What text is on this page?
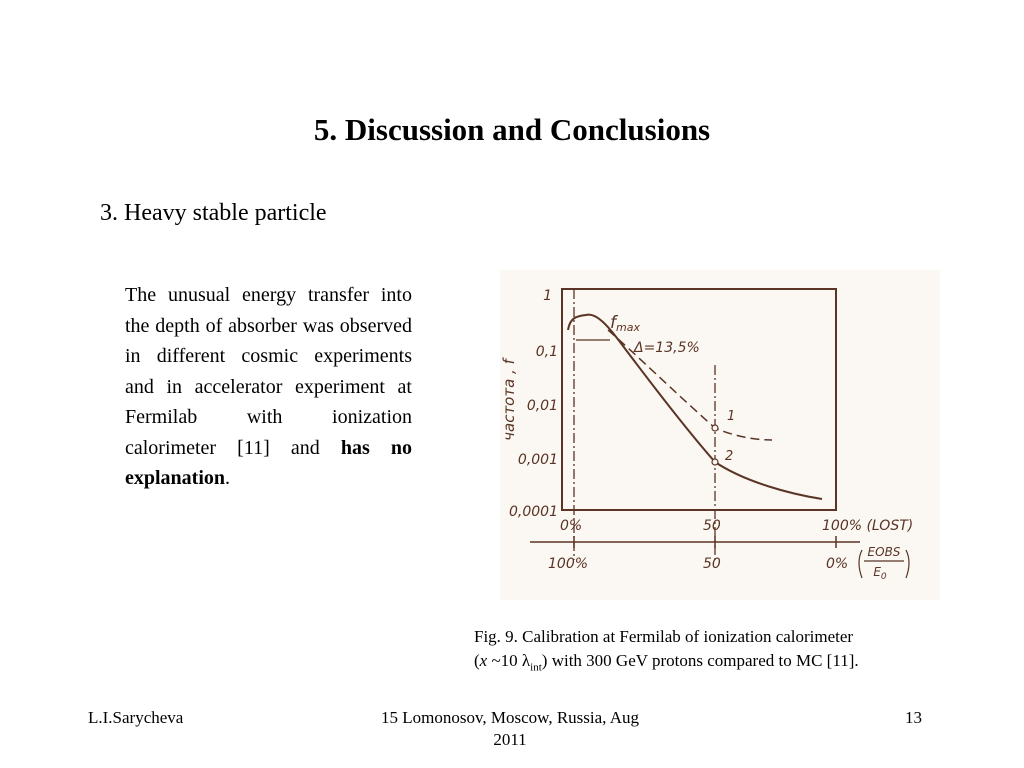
5. Discussion and Conclusions
3. Heavy stable particle
The unusual energy transfer into the depth of absorber was observed in different cosmic experiments and in accelerator experiment at Fermilab with ionization calorimeter [11] and has no explanation.
1
0,1
0,01
0,001
0,0001
частота , f
0%	50	100% (LOST)
100%	50	0%
EOBS
$E_0$
fmax
Δ=13,5%
1
2
Fig. 9. Calibration at Fermilab of ionization calorimeter
(x ~10 $\lambda_{int}$) with 300 GeV protons compared to MC [11].
L.I.Sarycheva	15 Lomonosov, Moscow, Russia, Aug
2011
13
